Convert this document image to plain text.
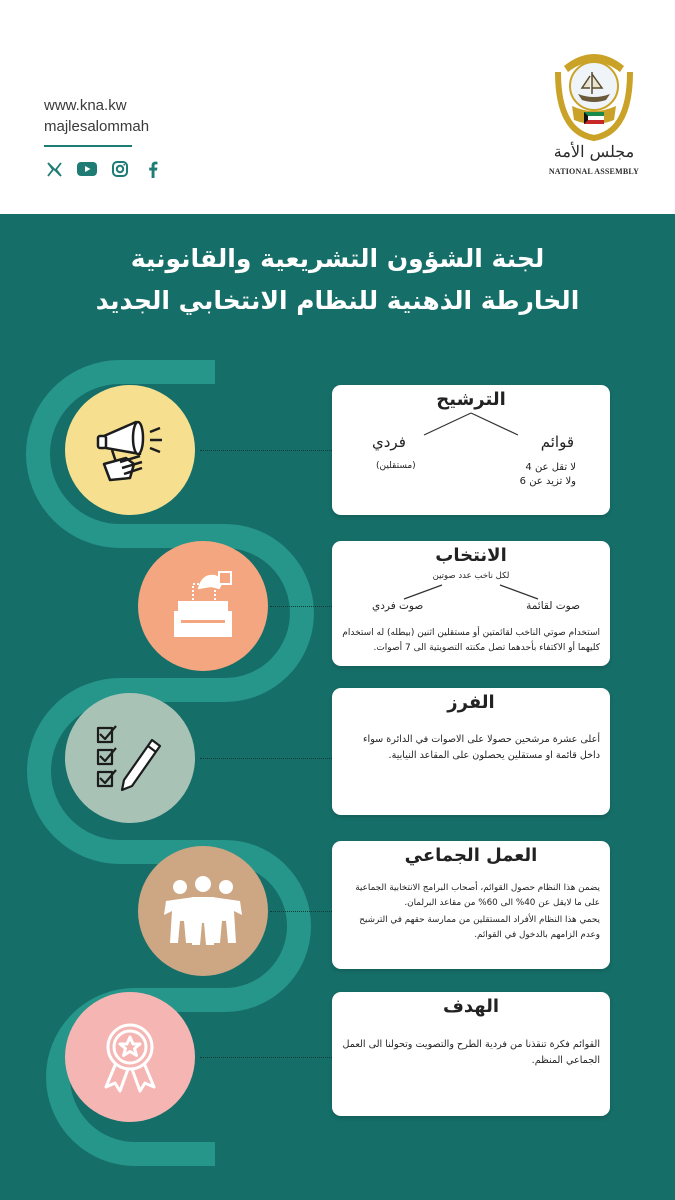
www.kna.kw
majlesalommah
مجلس الأمة
NATIONAL ASSEMBLY
لجنة الشؤون التشريعية والقانونية
الخارطة الذهنية للنظام الانتخابي الجديد
الترشيح
قوائم
فردي
(مستقلين)	لا تقل عن 4
ولا تزيد عن 6
الانتخاب
لكل ناخب عدد صوتين
صوت لقائمة
صوت فردي
استخدام صوتي الناخب لقائمتين أو مستقلين اثنين (بيطله) له استخدام كليهما أو الاكتفاء بأحدهما تصل مكنته التصويتية الى 7 أصوات.
الفرز
أعلى عشرة مرشحين حصولا على الاصوات في الدائرة سواء داخل قائمة او مستقلين يحصلون على المقاعد النيابية.
العمل الجماعي

يضمن هذا النظام حصول القوائم، أصحاب البرامج الانتخابية الجماعية على ما لايقل عن 40% الى 60% من مقاعد البرلمان.

يحمي هذا النظام الأفراد المستقلين من ممارسة حقهم في الترشيح وعدم الزامهم بالدخول في القوائم.

الهدف
القوائم فكرة تنقذنا من فردية الطرح والتصويت وتحولنا الى العمل الجماعي المنظم.
